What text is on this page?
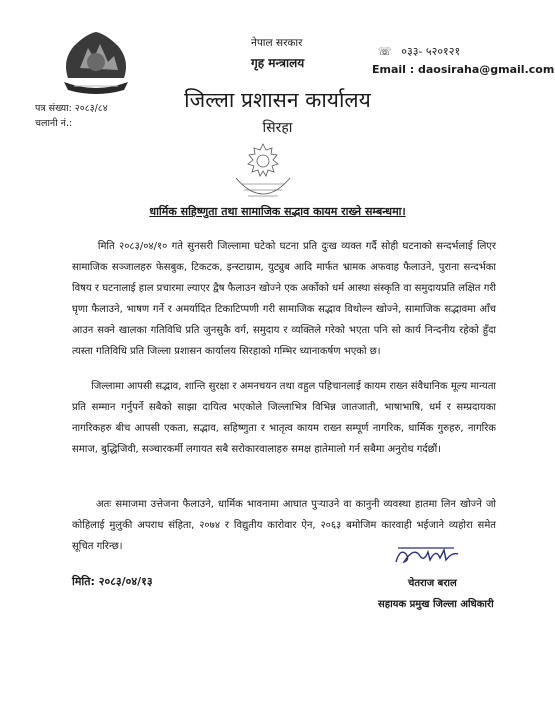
नेपाल सरकार
गृह मन्त्रालय
☏ ०३३- ५२०१२१
Email : daosiraha@gmail.com
जिल्ला प्रशासन कार्यालय
सिरहा
पत्र संख्या: २०८३/८४
चलानी नं.:
धार्मिक सहिष्णुता तथा सामाजिक सद्भाव कायम राख्ने सम्बन्धमा।

मिति २०८३/०४/१० गते सुनसरी जिल्लामा घटेको घटना प्रति दुःख व्यक्त गर्दै सोही घटनाको सन्दर्भलाई लिएर सामाजिक सञ्जालहरु फेसबुक, टिकटक, इन्स्टाग्राम, युट्युब आदि मार्फत भ्रामक अफवाह फैलाउने, पुराना सन्दर्भका विषय र घटनालाई हाल प्रचारमा ल्याएर द्वैष फैलाउन खोज्ने एक अर्कोको धर्म आस्था संस्कृति वा समुदायप्रति लक्षित गरी घृणा फैलाउने, भाषण गर्ने र अमर्यादित टिकाटिप्पणी गरी सामाजिक सद्भाव विथोल्न खोज्ने, सामाजिक सद्भावमा आँच आउन सक्ने खालका गतिविधि प्रति जुनसुकै वर्ग, समुदाय र व्यक्तिले गरेको भएता पनि सो कार्य निन्दनीय रहेको हुँदा त्यस्ता गतिविधि प्रति जिल्ला प्रशासन कार्यालय सिरहाको गम्भिर ध्यानाकर्षण भएको छ।

जिल्लामा आपसी सद्भाव, शान्ति सुरक्षा र अमनचयन तथा वहुल पहिचानलाई कायम राख्न संवैधानिक मूल्य मान्यता प्रति सम्मान गर्नुपर्ने सबैको साझा दायित्व भएकोले जिल्लाभित्र विभिन्न जातजाती, भाषाभाषि, धर्म र सम्प्रदायका नागरिकहरु बीच आपसी एकता, सद्भाव, सहिष्णुता र भातृत्व कायम राख्न सम्पूर्ण नागरिक, धार्मिक गुरुहरु, नागरिक समाज, बुद्धिजिवी, सञ्चारकर्मी लगायत सबै सरोकारवालाहरु समक्ष हातेमालो गर्न सबैमा अनुरोध गर्दछौं।

अतः समाजमा उत्तेजना फैलाउने, धार्मिक भावनामा आघात पुऱ्याउने वा कानुनी व्यवस्था हातमा लिन खोज्ने जो कोहिलाई मुलुकी अपराध संहिता, २०७४ र विद्युतीय कारोवार ऐन, २०६३ बमोजिम कारवाही भईजाने व्यहोरा समेत सूचित गरिन्छ।

मिति: २०८३/०४/१३	चेतराज बराल
सहायक प्रमुख जिल्ला अधिकारी
